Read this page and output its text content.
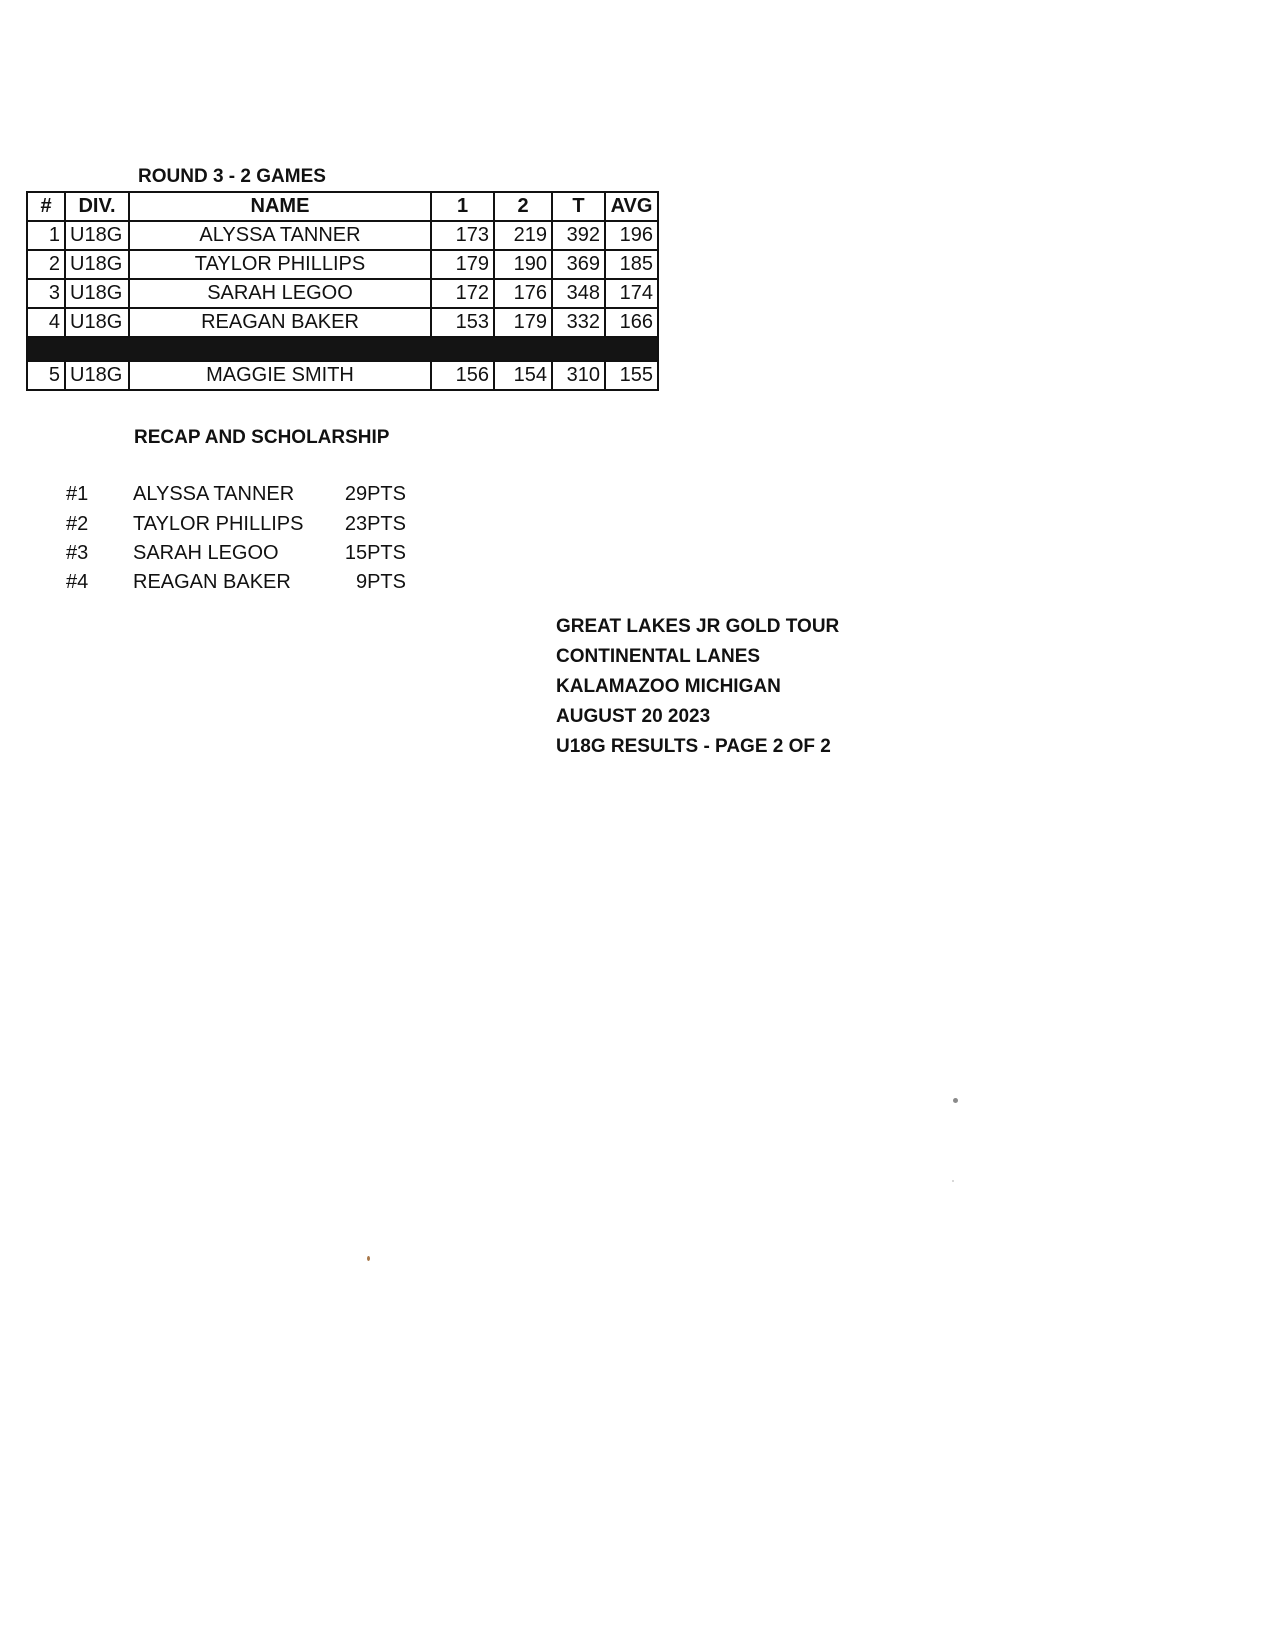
ROUND 3 - 2 GAMES
#	DIV.	NAME	1	2	T	AVG
1	U18G	ALYSSA TANNER	173	219	392	196
2	U18G	TAYLOR PHILLIPS	179	190	369	185
3	U18G	SARAH LEGOO	172	176	348	174
4	U18G	REAGAN BAKER	153	179	332	166

5	U18G	MAGGIE SMITH	156	154	310	155
RECAP AND SCHOLARSHIP
#1 ALYSSA TANNER	29PTS
#2 TAYLOR PHILLIPS	23PTS
#3 SARAH LEGOO	15PTS
#4 REAGAN BAKER	9PTS
GREAT LAKES JR GOLD TOUR
CONTINENTAL LANES
KALAMAZOO MICHIGAN
AUGUST 20 2023
U18G RESULTS - PAGE 2 OF 2
